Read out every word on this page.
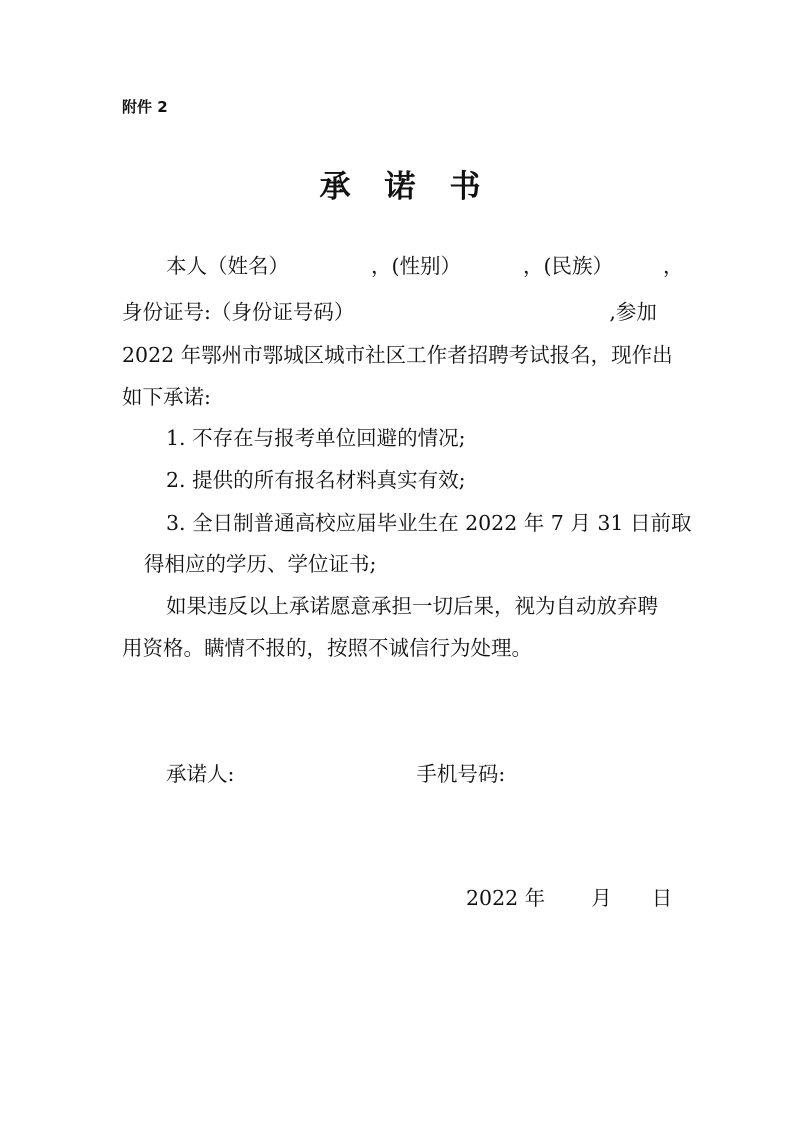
附件 2
承诺书
本人（姓名）	，(性别）	，(民族） ，
身份证号:（身份证号码）	,参加
2022 年鄂州市鄂城区城市社区工作者招聘考试报名，现作出
如下承诺:
1. 不存在与报考单位回避的情况;
2. 提供的所有报名材料真实有效;
3. 全日制普通高校应届毕业生在 2022 年 7 月 31 日前取
得相应的学历、学位证书;
如果违反以上承诺愿意承担一切后果，视为自动放弃聘
用资格。瞒情不报的，按照不诚信行为处理。
承诺人:	手机号码:
2022 年 月 日
